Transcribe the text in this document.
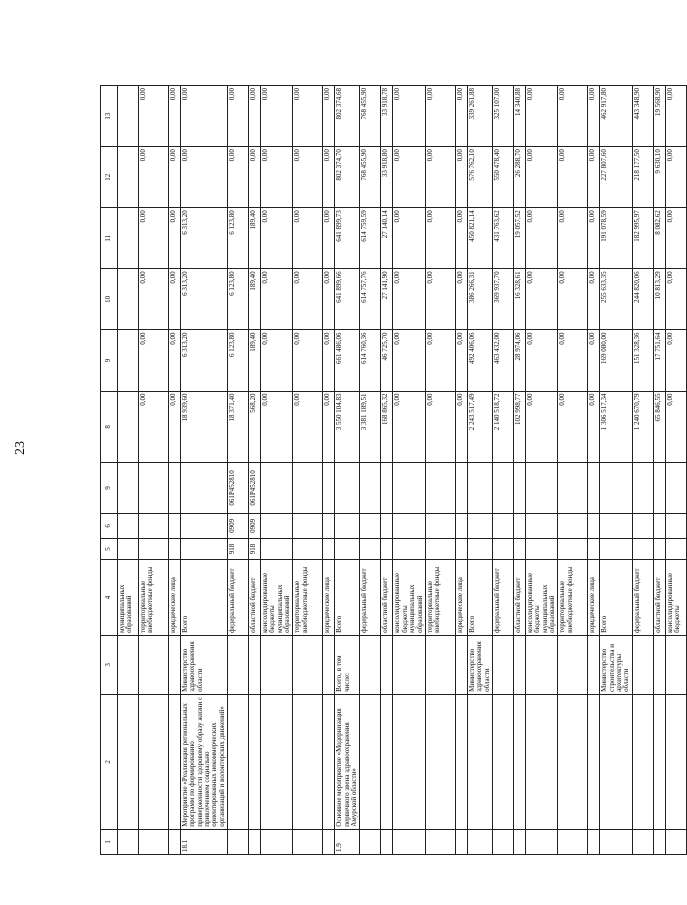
23
1	2	3	4	5	6	9	8	9	10	11	12	13
			муниципальных образований									
			территориальные внебюджетные фонды				0,00	0,00	0,00	0,00	0,00	0,00
			юридические лица				0,00	0,00	0,00	0,00	0,00	0,00
18.1	Мероприятие «Реализация региональных программ по формированию приверженности здоровому образу жизни с привлечением социально ориентированных некоммерческих организаций и волонтерских движений»	Министерство здравоохранения области	Всего				18 939,60	6 313,20	6 313,20	6 313,20	0,00	0,00
			федеральный бюджет	918	0909	061P452810	18 371,40	6 123,80	6 123,80	6 123,80	0,00	0,00
			областной бюджет	918	0909	061P452810	568,20	189,40	189,40	189,40	0,00	0,00
			консолидированные бюджеты муниципальных образований				0,00	0,00	0,00	0,00	0,00	0,00
			территориальные внебюджетные фонды				0,00	0,00	0,00	0,00	0,00	0,00
			юридические лица				0,00	0,00	0,00	0,00	0,00	0,00
1.9	Основное мероприятие «Модернизация первичного звена здравоохранения Амурской области»	Всего, в том числе:	Всего				3 550 104,83	661 486,06	641 899,66	641 899,73	802 374,70	802 374,68
			федеральный бюджет				3 381 189,51	614 760,36	614 757,76	614 759,59	768 455,90	768 455,90
			областной бюджет				168 865,32	46 725,70	27 141,90	27 140,14	33 918,80	33 918,78
			консолидированные бюджеты муниципальных образований				0,00	0,00	0,00	0,00	0,00	0,00
			территориальные внебюджетные фонды				0,00	0,00	0,00	0,00	0,00	0,00
			юридические лица				0,00	0,00	0,00	0,00	0,00	0,00
		Министерство здравоохранения области	Всего				2 243 517,49	492 406,06	386 266,31	450 821,14	576 762,10	339 261,88
			федеральный бюджет				2 140 518,72	463 432,00	369 937,70	431 763,62	550 478,40	325 107,00
			областной бюджет				102 998,77	28 974,06	16 328,61	19 057,52	26 288,70	14 340,88
			консолидированные бюджеты муниципальных образований				0,00	0,00	0,00	0,00	0,00	0,00
			территориальные внебюджетные фонды				0,00	0,00	0,00	0,00	0,00	0,00
			юридические лица				0,00	0,00	0,00	0,00	0,00	0,00
		Министерство строительства и архитектуры области	Всего				1 306 517,34	169 080,00	255 633,35	191 078,59	227 807,60	462 917,80
			федеральный бюджет				1 240 670,79	151 328,36	244 820,06	182 995,97	218 177,50	443 348,90
			областной бюджет				65 846,55	17 751,64	10 813,29	8 082,62	9 630,10	19 568,90
			консолидированные бюджеты				0,00	0,00	0,00	0,00	0,00	0,00
